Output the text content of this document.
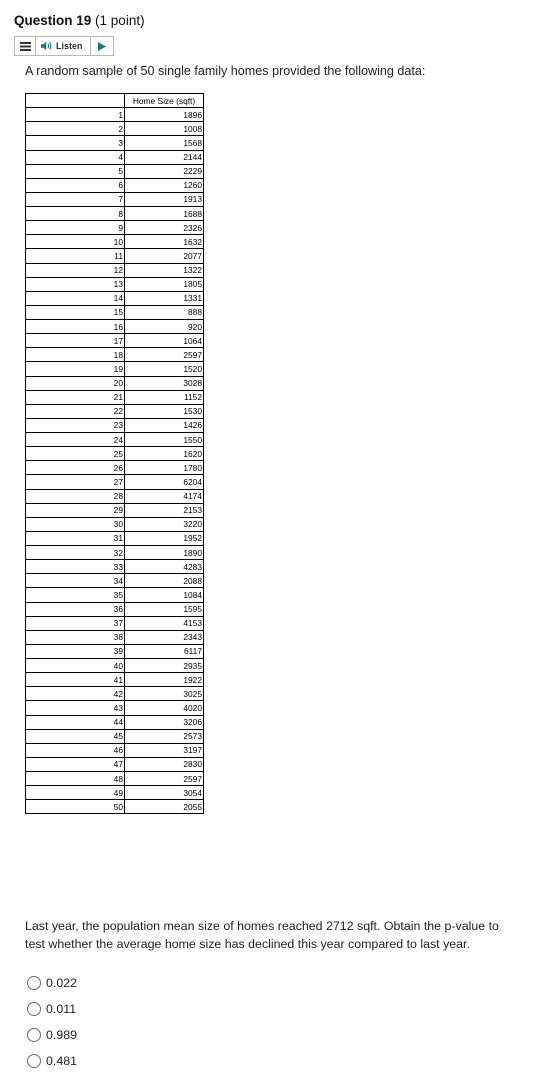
Question 19 (1 point)
Listen
A random sample of 50 single family homes provided the following data:
	Home Size (sqft)
1	1896
2	1008
3	1568
4	2144
5	2229
6	1260
7	1913
8	1688
9	2326
10	1632
11	2077
12	1322
13	1805
14	1331
15	888
16	920
17	1064
18	2597
19	1520
20	3028
21	1152
22	1530
23	1426
24	1550
25	1620
26	1780
27	6204
28	4174
29	2153
30	3220
31	1952
32	1890
33	4283
34	2088
35	1084
36	1595
37	4153
38	2343
39	6117
40	2935
41	1922
42	3025
43	4020
44	3206
45	2573
46	3197
47	2830
48	2597
49	3054
50	2055
Last year, the population mean size of homes reached 2712 sqft. Obtain the p-value to test whether the average home size has declined this year compared to last year.
0.022
0.011
0.989
0.481
